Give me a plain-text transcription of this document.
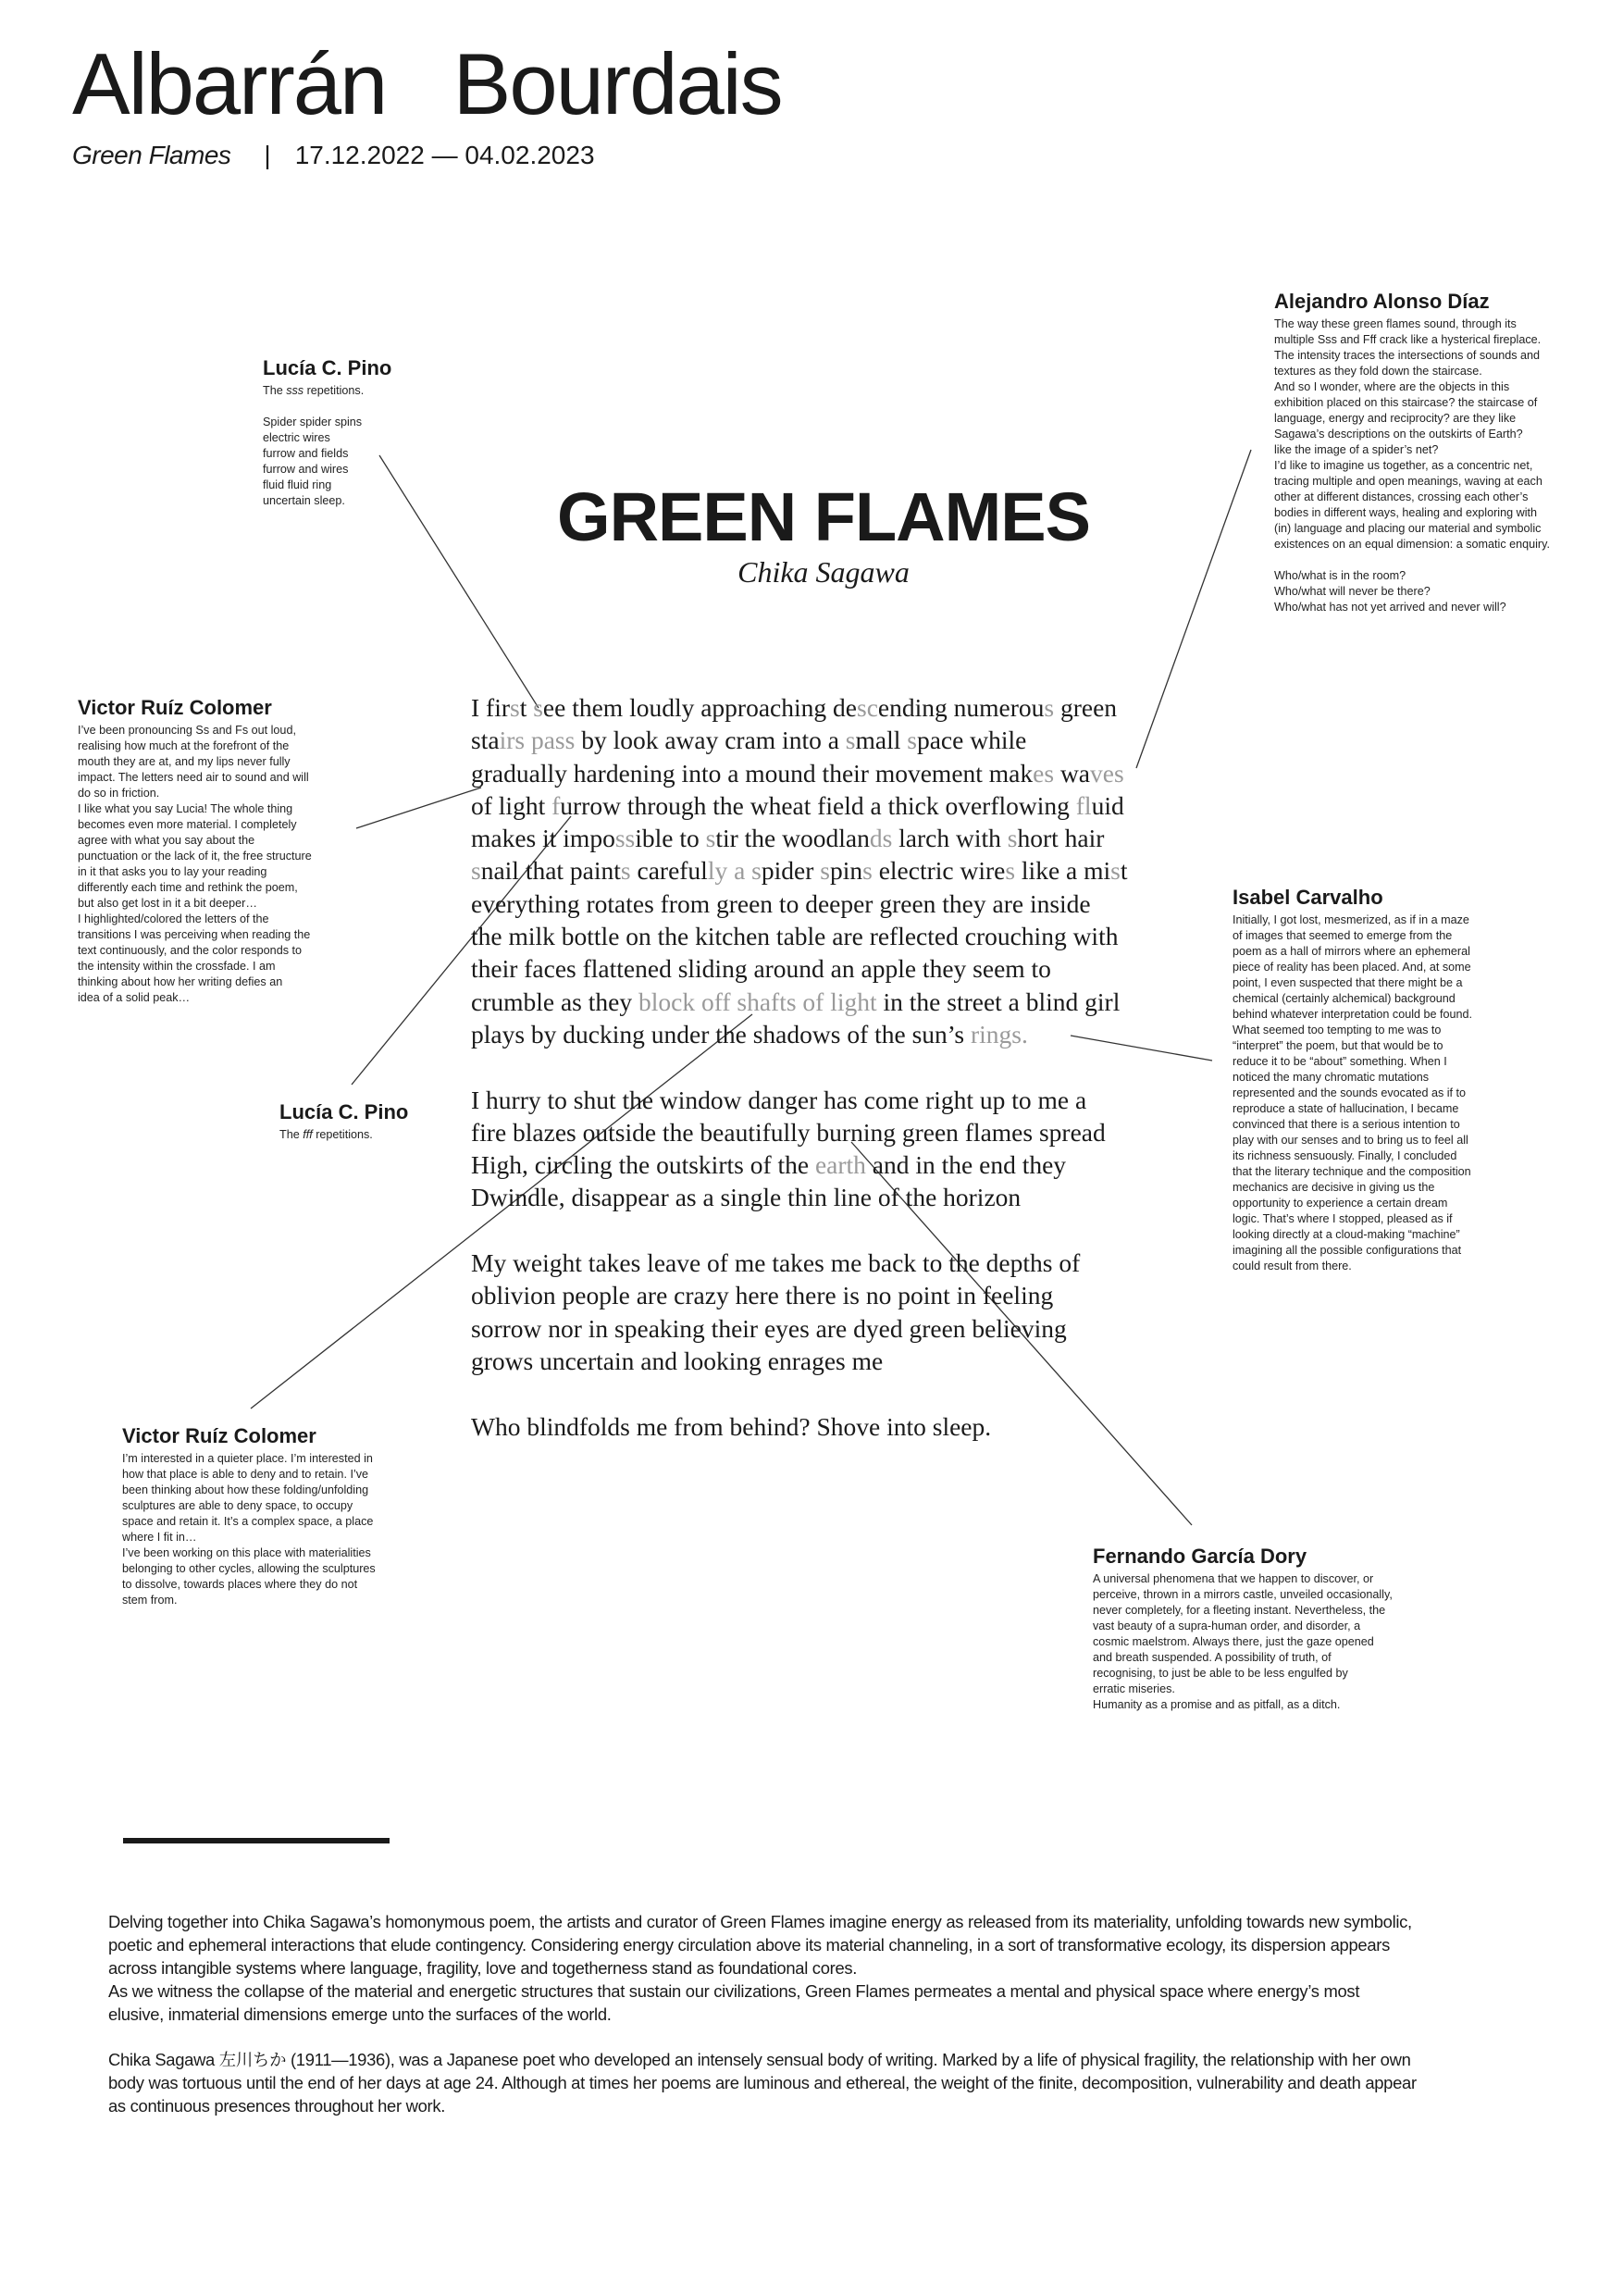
Albarrán   Bourdais
Green Flames | 17.12.2022 — 04.02.2023
GREEN FLAMES
Chika Sagawa
I first see them loudly approaching descending numerous green
stairs pass by look away cram into a small space while
gradually hardening into a mound their movement makes waves
of light furrow through the wheat field a thick overflowing fluid
makes it impossible to stir the woodlands larch with short hair
snail that paints carefully a spider spins electric wires like a mist
everything rotates from green to deeper green they are inside
the milk bottle on the kitchen table are reflected crouching with
their faces flattened sliding around an apple they seem to
crumble as they block off shafts of light in the street a blind girl
plays by ducking under the shadows of the sun’s rings.
I hurry to shut the window danger has come right up to me a
fire blazes outside the beautifully burning green flames spread
High, circling the outskirts of the earth and in the end they
Dwindle, disappear as a single thin line of the horizon
My weight takes leave of me takes me back to the depths of
oblivion people are crazy here there is no point in feeling
sorrow nor in speaking their eyes are dyed green believing
grows uncertain and looking enrages me
Who blindfolds me from behind? Shove into sleep.
Lucía C. Pino
The sss repetitions.

Spider spider spins
electric wires
furrow and fields
furrow and wires
fluid fluid ring
uncertain sleep.
Alejandro Alonso Díaz
The way these green flames sound, through its
multiple Sss and Fff crack like a hysterical fireplace.
The intensity traces the intersections of sounds and
textures as they fold down the staircase.
And so I wonder, where are the objects in this
exhibition placed on this staircase? the staircase of
language, energy and reciprocity? are they like
Sagawa’s descriptions on the outskirts of Earth?
like the image of a spider’s net?
I’d like to imagine us together, as a concentric net,
tracing multiple and open meanings, waving at each
other at different distances, crossing each other’s
bodies in different ways, healing and exploring with
(in) language and placing our material and symbolic
existences on an equal dimension: a somatic enquiry.

Who/what is in the room?
Who/what will never be there?
Who/what has not yet arrived and never will?
Victor Ruíz Colomer
I’ve been pronouncing Ss and Fs out loud,
realising how much at the forefront of the
mouth they are at, and my lips never fully
impact. The letters need air to sound and will
do so in friction.
I like what you say Lucia! The whole thing
becomes even more material. I completely
agree with what you say about the
punctuation or the lack of it, the free structure
in it that asks you to lay your reading
differently each time and rethink the poem,
but also get lost in it a bit deeper…
I highlighted/colored the letters of the
transitions I was perceiving when reading the
text continuously, and the color responds to
the intensity within the crossfade. I am
thinking about how her writing defies an
idea of a solid peak…
Isabel Carvalho
Initially, I got lost, mesmerized, as if in a maze
of images that seemed to emerge from the
poem as a hall of mirrors where an ephemeral
piece of reality has been placed. And, at some
point, I even suspected that there might be a
chemical (certainly alchemical) background
behind whatever interpretation could be found.
What seemed too tempting to me was to
“interpret” the poem, but that would be to
reduce it to be “about” something. When I
noticed the many chromatic mutations
represented and the sounds evocated as if to
reproduce a state of hallucination, I became
convinced that there is a serious intention to
play with our senses and to bring us to feel all
its richness sensuously. Finally, I concluded
that the literary technique and the composition
mechanics are decisive in giving us the
opportunity to experience a certain dream
logic. That’s where I stopped, pleased as if
looking directly at a cloud-making “machine”
imagining all the possible configurations that
could result from there.
Lucía C. Pino
The fff repetitions.
Victor Ruíz Colomer
I’m interested in a quieter place. I’m interested in
how that place is able to deny and to retain. I’ve
been thinking about how these folding/unfolding
sculptures are able to deny space, to occupy
space and retain it. It’s a complex space, a place
where I fit in…
I’ve been working on this place with materialities
belonging to other cycles, allowing the sculptures
to dissolve, towards places where they do not
stem from.
Fernando García Dory
A universal phenomena that we happen to discover, or
perceive, thrown in a mirrors castle, unveiled occasionally,
never completely, for a fleeting instant. Nevertheless, the
vast beauty of a supra-human order, and disorder, a
cosmic maelstrom. Always there, just the gaze opened
and breath suspended. A possibility of truth, of
recognising, to just be able to be less engulfed by
erratic miseries.
Humanity as a promise and as pitfall, as a ditch.
Delving together into Chika Sagawa’s homonymous poem, the artists and curator of Green Flames imagine energy as released from its materiality, unfolding towards new symbolic,
poetic and ephemeral interactions that elude contingency. Considering energy circulation above its material channeling, in a sort of transformative ecology, its dispersion appears
across intangible systems where language, fragility, love and togetherness stand as foundational cores.
As we witness the collapse of the material and energetic structures that sustain our civilizations, Green Flames permeates a mental and physical space where energy’s most
elusive, inmaterial dimensions emerge unto the surfaces of the world.
Chika Sagawa 左川ちか (1911—1936), was a Japanese poet who developed an intensely sensual body of writing. Marked by a life of physical fragility, the relationship with her own
body was tortuous until the end of her days at age 24. Although at times her poems are luminous and ethereal, the weight of the finite, decomposition, vulnerability and death appear
as continuous presences throughout her work.
